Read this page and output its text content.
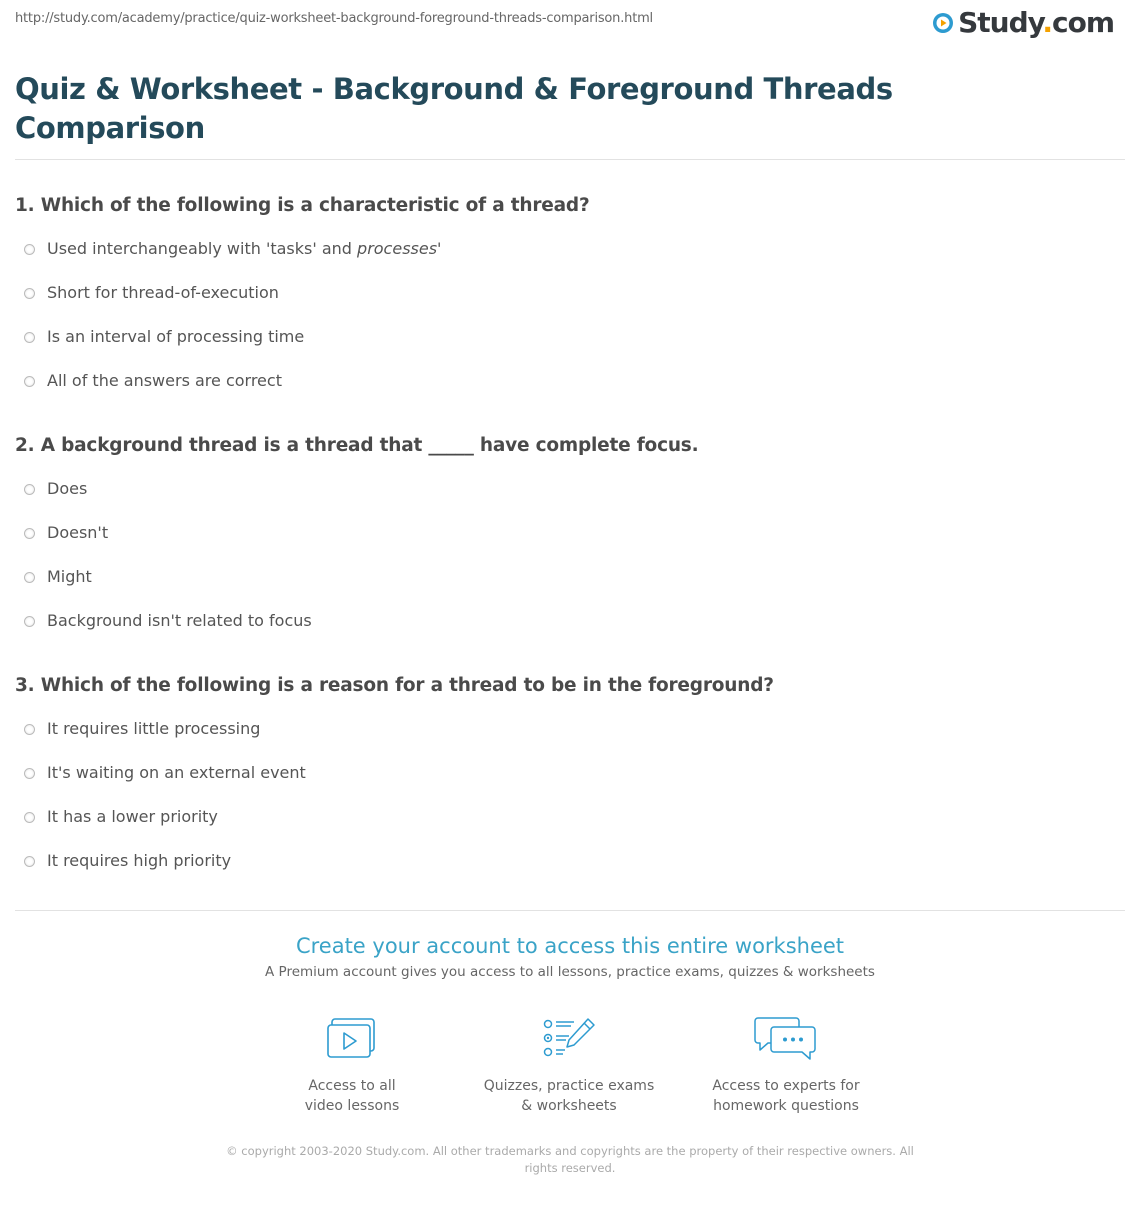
http://study.com/academy/practice/quiz-worksheet-background-foreground-threads-comparison.html	Study.com
Quiz & Worksheet - Background & Foreground Threads Comparison
1. Which of the following is a characteristic of a thread?
Used interchangeably with 'tasks' and processes'
Short for thread-of-execution
Is an interval of processing time
All of the answers are correct
2. A background thread is a thread that _____ have complete focus.
Does
Doesn't
Might
Background isn't related to focus
3. Which of the following is a reason for a thread to be in the foreground?
It requires little processing
It's waiting on an external event
It has a lower priority
It requires high priority
Create your account to access this entire worksheet
A Premium account gives you access to all lessons, practice exams, quizzes & worksheets
Access to all
video lessons
Quizzes, practice exams
& worksheets
Access to experts for
homework questions
© copyright 2003-2020 Study.com. All other trademarks and copyrights are the property of their respective owners. All rights reserved.
